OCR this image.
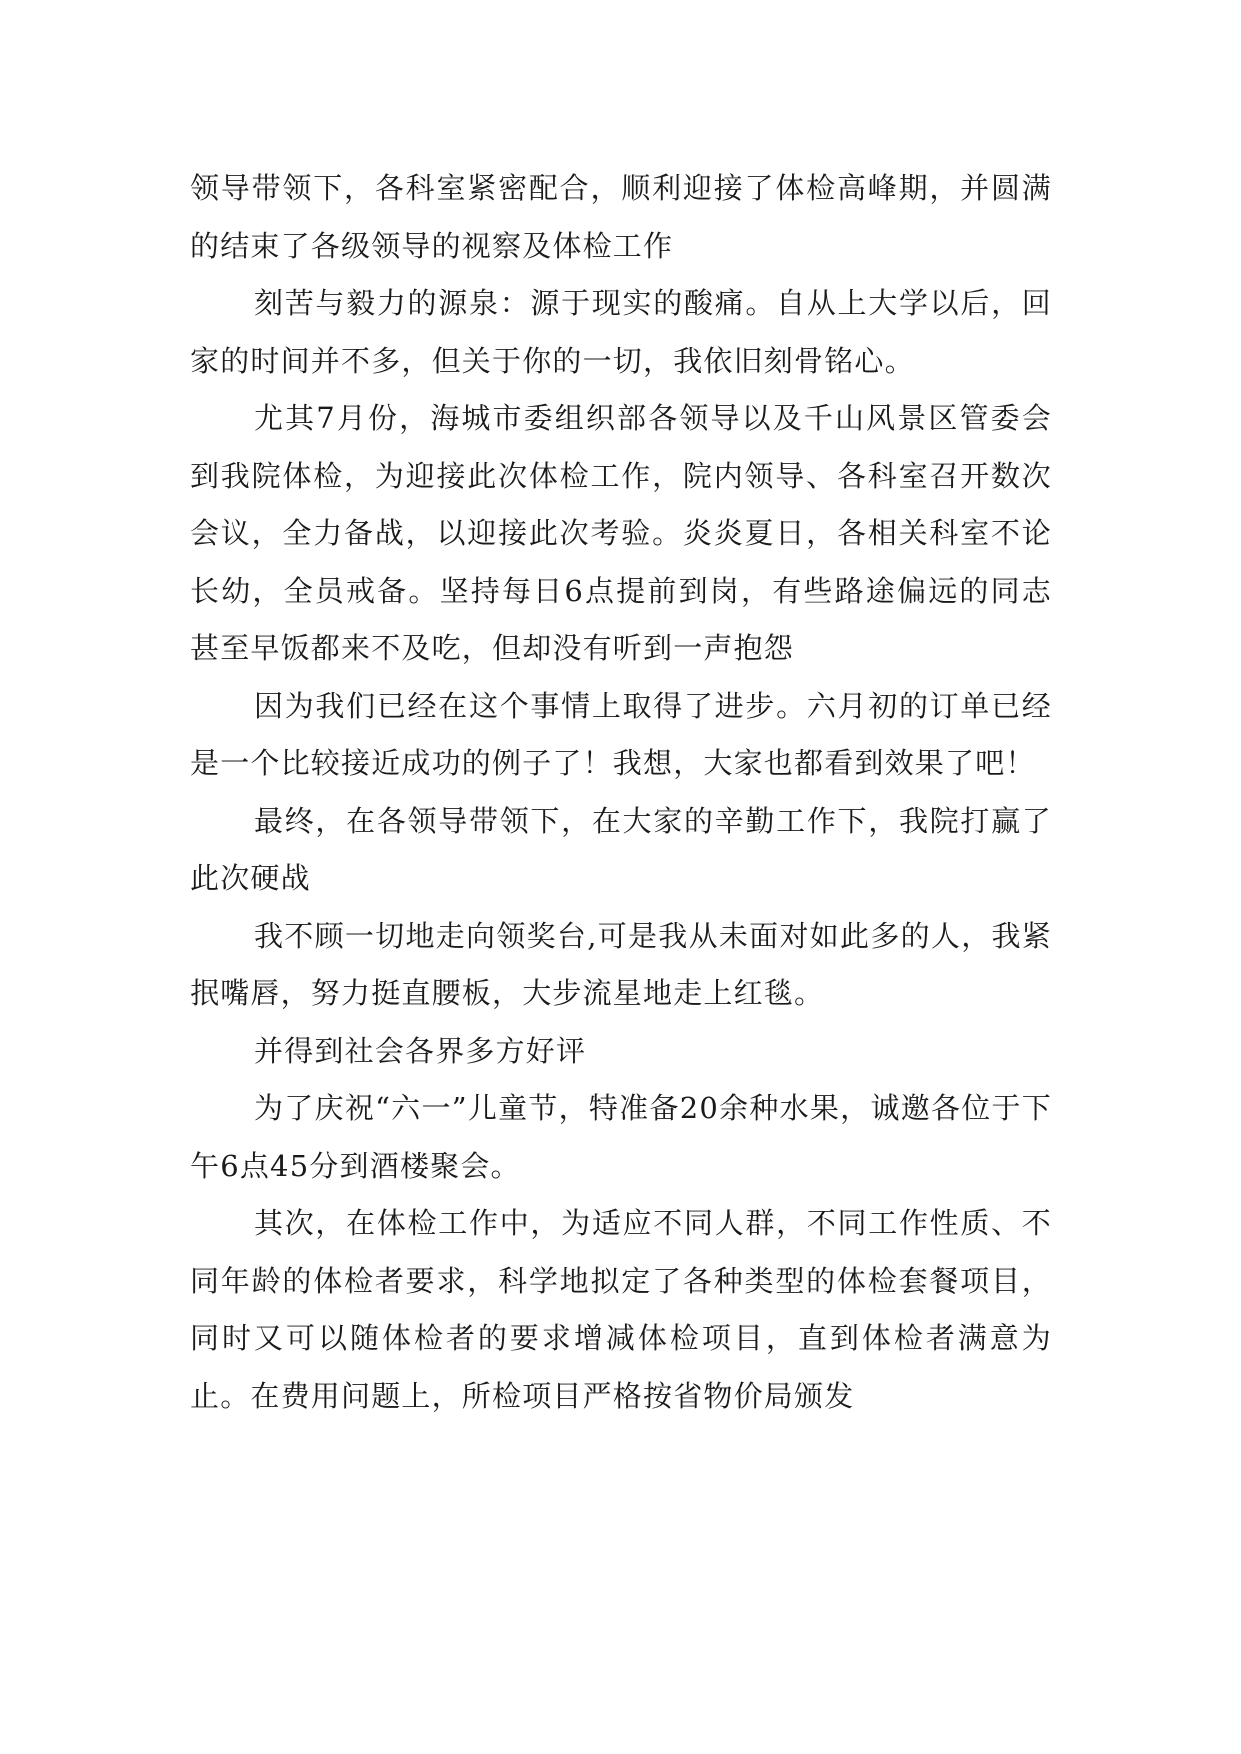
领导带领下，各科室紧密配合，顺利迎接了体检高峰期，并圆满的结束了各级领导的视察及体检工作

刻苦与毅力的源泉：源于现实的酸痛。自从上大学以后，回家的时间并不多，但关于你的一切，我依旧刻骨铭心。

尤其7月份，海城市委组织部各领导以及千山风景区管委会到我院体检，为迎接此次体检工作，院内领导、各科室召开数次会议，全力备战，以迎接此次考验。炎炎夏日，各相关科室不论长幼，全员戒备。坚持每日6点提前到岗，有些路途偏远的同志甚至早饭都来不及吃，但却没有听到一声抱怨

因为我们已经在这个事情上取得了进步。六月初的订单已经是一个比较接近成功的例子了！我想，大家也都看到效果了吧！

最终，在各领导带领下，在大家的辛勤工作下，我院打赢了此次硬战

我不顾一切地走向领奖台,可是我从未面对如此多的人，我紧抿嘴唇，努力挺直腰板，大步流星地走上红毯。

并得到社会各界多方好评

为了庆祝“六一”儿童节，特准备20余种水果，诚邀各位于下午6点45分到酒楼聚会。

其次，在体检工作中，为适应不同人群，不同工作性质、不同年龄的体检者要求，科学地拟定了各种类型的体检套餐项目，同时又可以随体检者的要求增减体检项目，直到体检者满意为止。在费用问题上，所检项目严格按省物价局颁发
